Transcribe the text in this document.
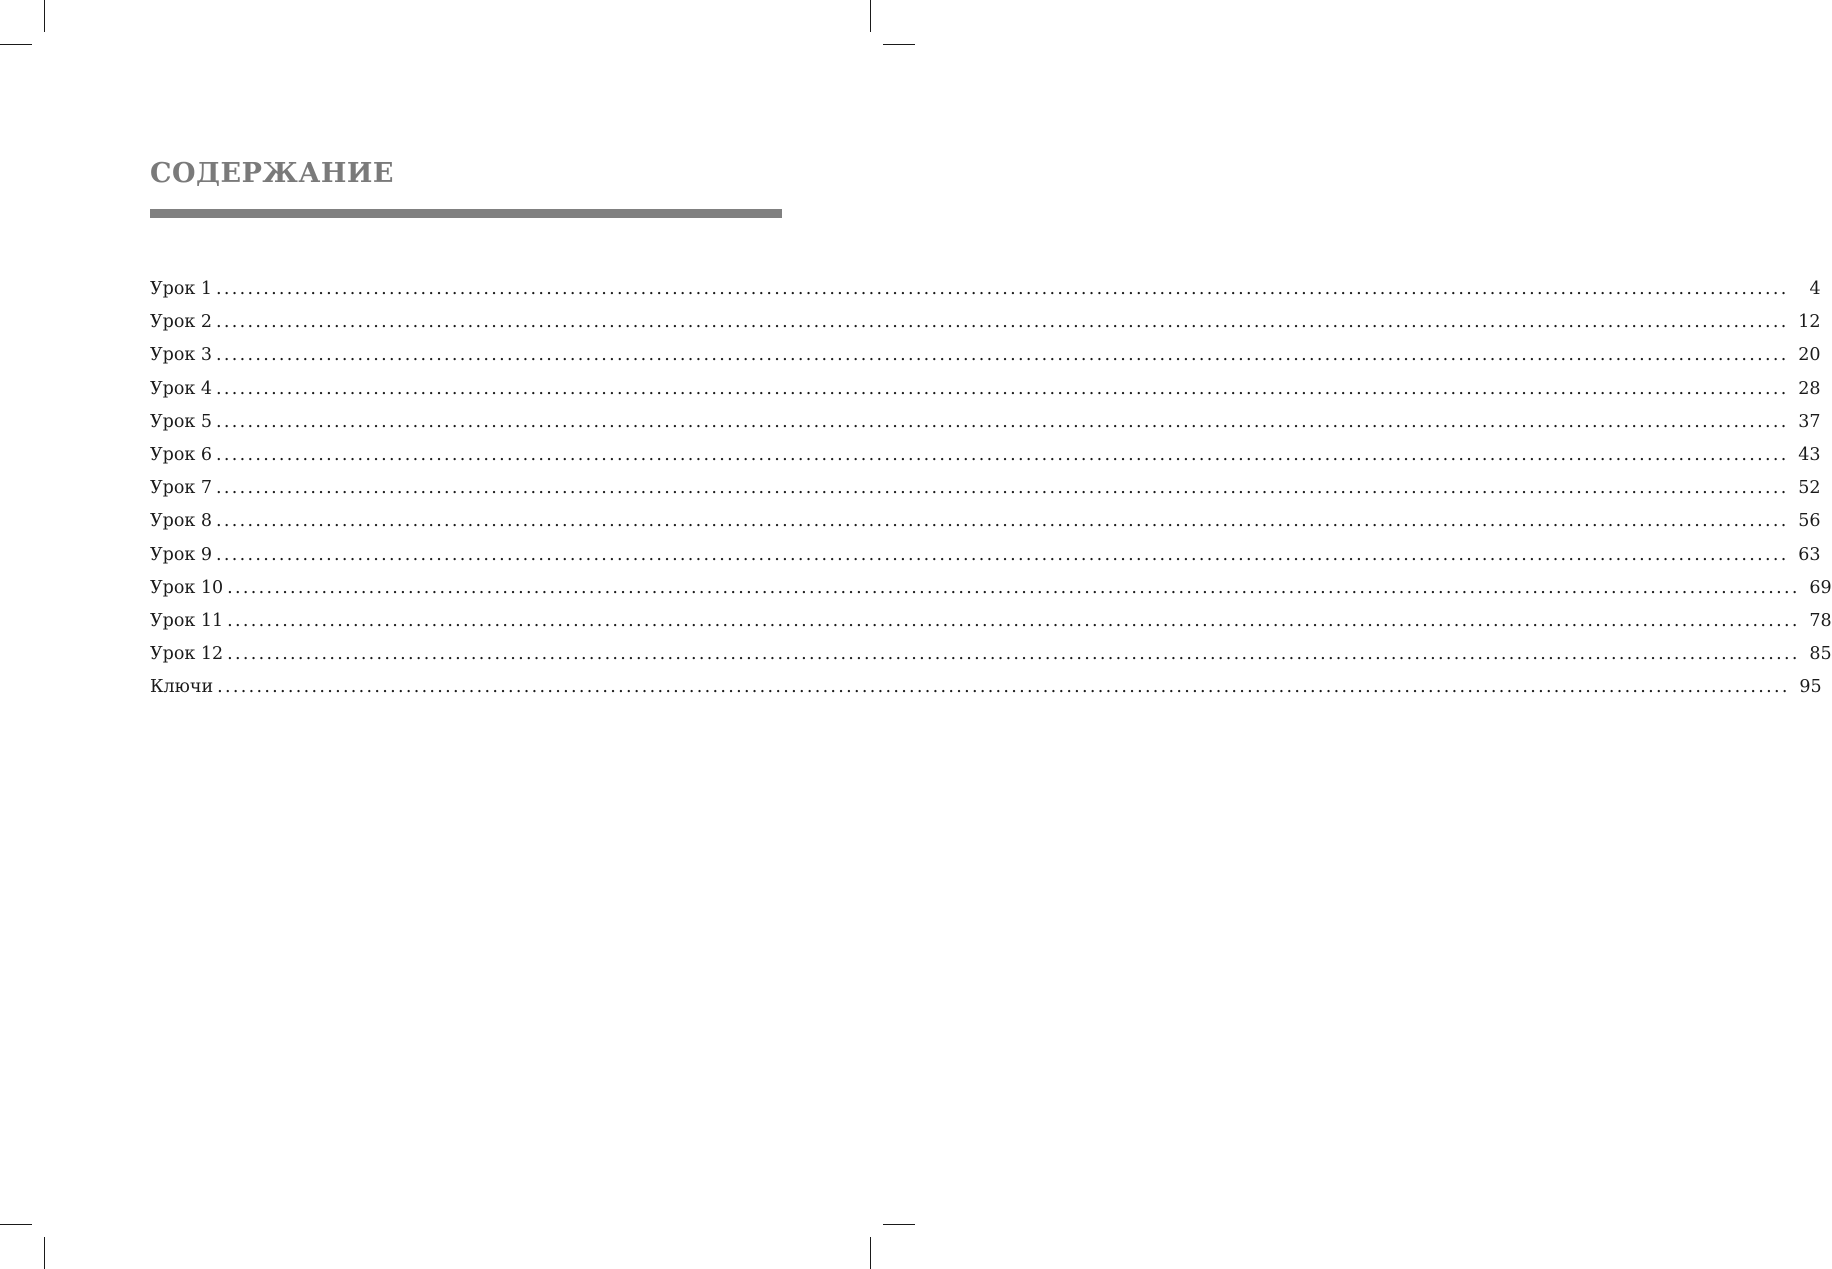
СОДЕРЖАНИЕ
Урок 1 ........................................................................................................................................................................................................	4
Урок 2 ........................................................................................................................................................................................................ 12
Урок 3 ........................................................................................................................................................................................................ 20
Урок 4 ........................................................................................................................................................................................................ 28
Урок 5 ........................................................................................................................................................................................................ 37
Урок 6 ........................................................................................................................................................................................................ 43
Урок 7 ........................................................................................................................................................................................................ 52
Урок 8 ........................................................................................................................................................................................................ 56
Урок 9 ........................................................................................................................................................................................................ 63
Урок 10 ........................................................................................................................................................................................................ 69
Урок 11 ........................................................................................................................................................................................................ 78
Урок 12 ........................................................................................................................................................................................................ 85
Ключи ........................................................................................................................................................................................................ 95
